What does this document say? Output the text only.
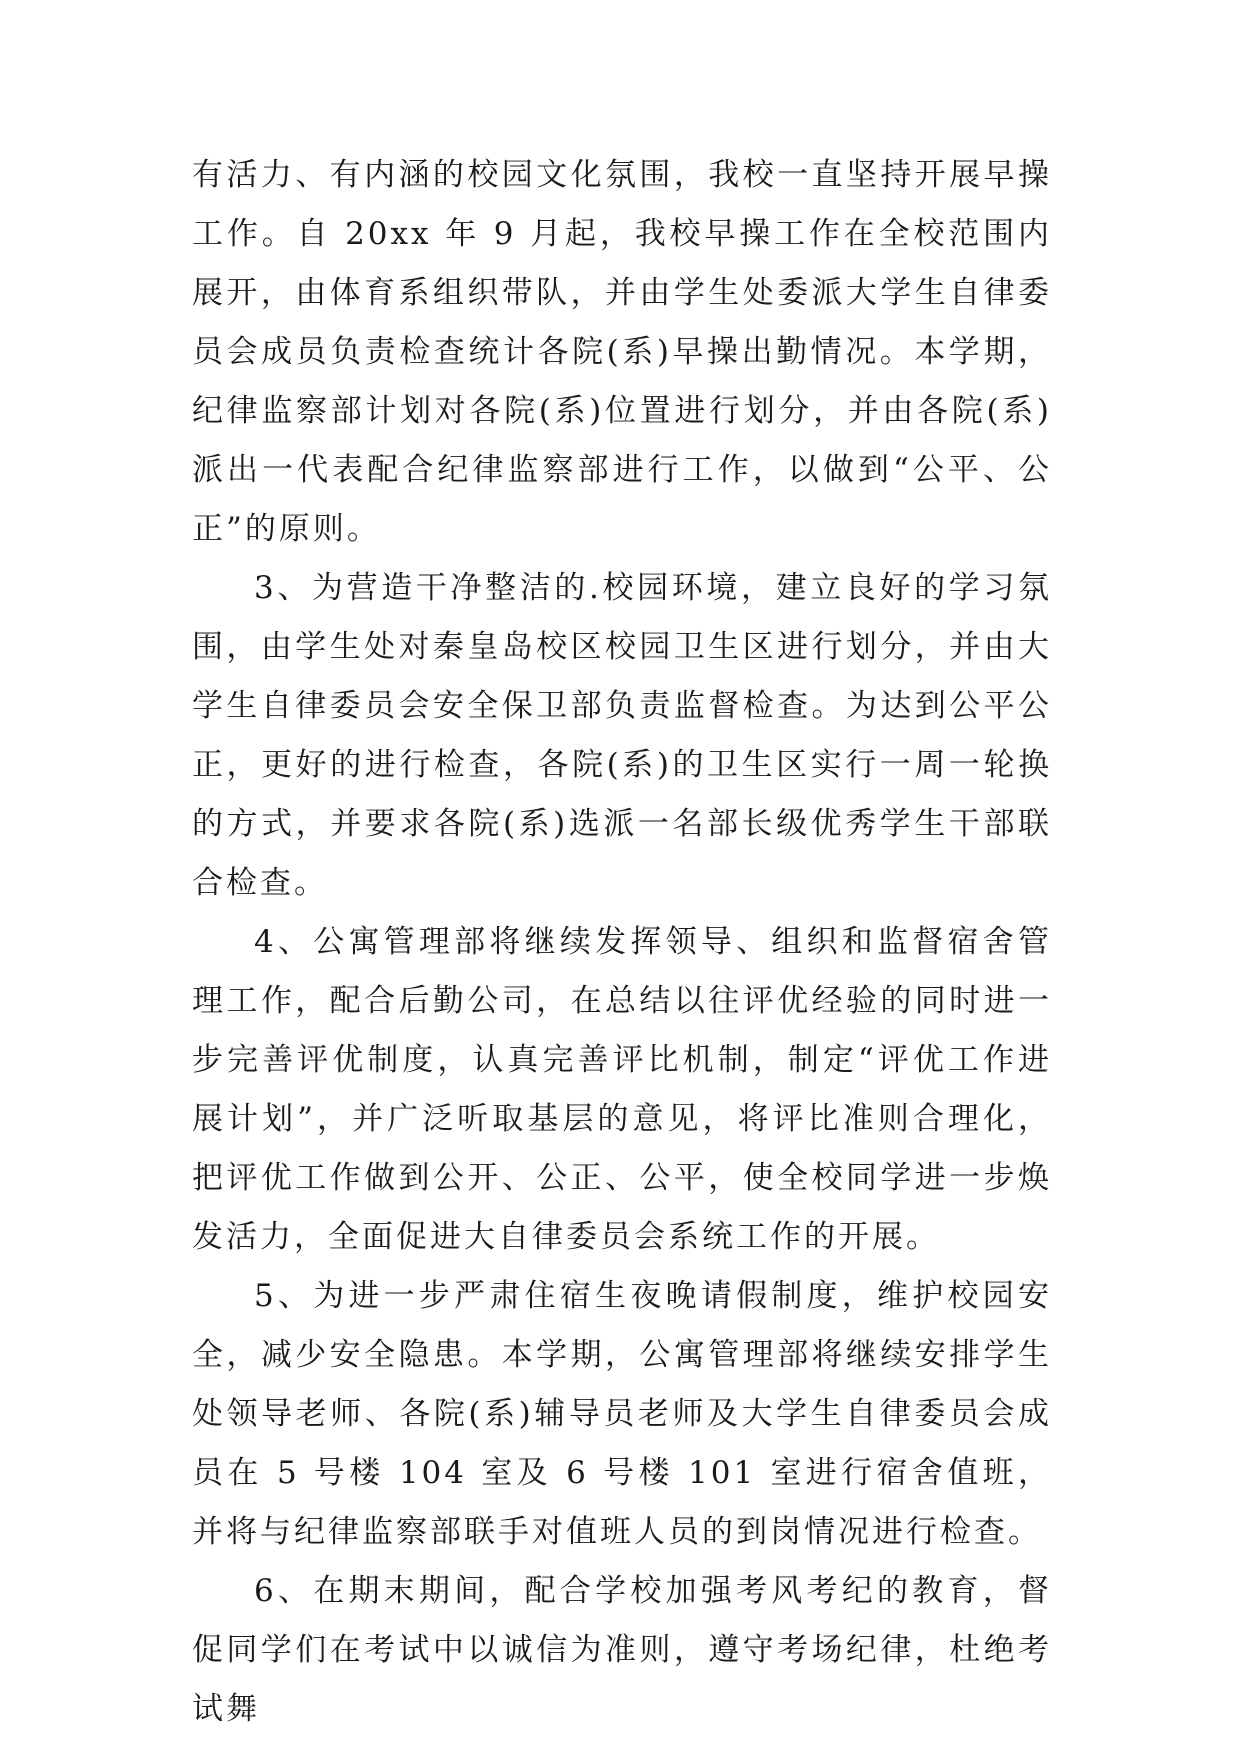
有活力、有内涵的校园文化氛围，我校一直坚持开展早操工作。自 20xx 年 9 月起，我校早操工作在全校范围内展开，由体育系组织带队，并由学生处委派大学生自律委员会成员负责检查统计各院(系)早操出勤情况。本学期，纪律监察部计划对各院(系)位置进行划分，并由各院(系)派出一代表配合纪律监察部进行工作，以做到“公平、公正”的原则。

3、为营造干净整洁的.校园环境，建立良好的学习氛围，由学生处对秦皇岛校区校园卫生区进行划分，并由大学生自律委员会安全保卫部负责监督检查。为达到公平公正，更好的进行检查，各院(系)的卫生区实行一周一轮换的方式，并要求各院(系)选派一名部长级优秀学生干部联合检查。

4、公寓管理部将继续发挥领导、组织和监督宿舍管理工作，配合后勤公司，在总结以往评优经验的同时进一步完善评优制度，认真完善评比机制，制定“评优工作进展计划”，并广泛听取基层的意见，将评比准则合理化，把评优工作做到公开、公正、公平，使全校同学进一步焕发活力，全面促进大自律委员会系统工作的开展。

5、为进一步严肃住宿生夜晚请假制度，维护校园安全，减少安全隐患。本学期，公寓管理部将继续安排学生处领导老师、各院(系)辅导员老师及大学生自律委员会成员在 5 号楼 104 室及 6 号楼 101 室进行宿舍值班，并将与纪律监察部联手对值班人员的到岗情况进行检查。

6、在期末期间，配合学校加强考风考纪的教育，督促同学们在考试中以诚信为准则，遵守考场纪律，杜绝考试舞
